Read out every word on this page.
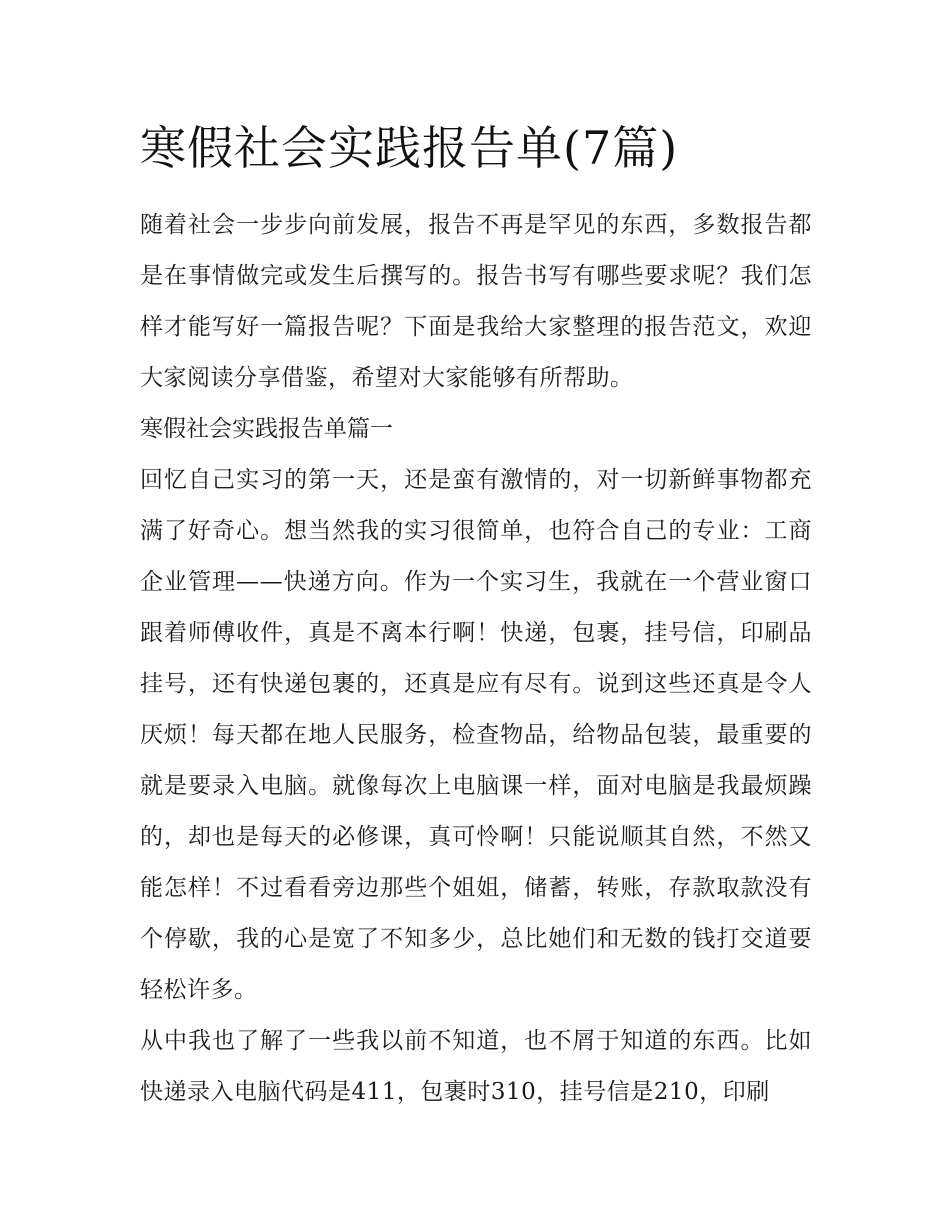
寒假社会实践报告单(7篇)

随着社会一步步向前发展，报告不再是罕见的东西，多数报告都是在事情做完或发生后撰写的。报告书写有哪些要求呢？我们怎样才能写好一篇报告呢？下面是我给大家整理的报告范文，欢迎大家阅读分享借鉴，希望对大家能够有所帮助。

寒假社会实践报告单篇一

回忆自己实习的第一天，还是蛮有激情的，对一切新鲜事物都充满了好奇心。想当然我的实习很简单，也符合自己的专业：工商企业管理——快递方向。作为一个实习生，我就在一个营业窗口跟着师傅收件，真是不离本行啊！快递，包裹，挂号信，印刷品挂号，还有快递包裹的，还真是应有尽有。说到这些还真是令人厌烦！每天都在地人民服务，检查物品，给物品包装，最重要的就是要录入电脑。就像每次上电脑课一样，面对电脑是我最烦躁的，却也是每天的必修课，真可怜啊！只能说顺其自然，不然又能怎样！不过看看旁边那些个姐姐，储蓄，转账，存款取款没有个停歇，我的心是宽了不知多少，总比她们和无数的钱打交道要轻松许多。

从中我也了解了一些我以前不知道，也不屑于知道的东西。比如快递录入电脑代码是411，包裹时310，挂号信是210，印刷
